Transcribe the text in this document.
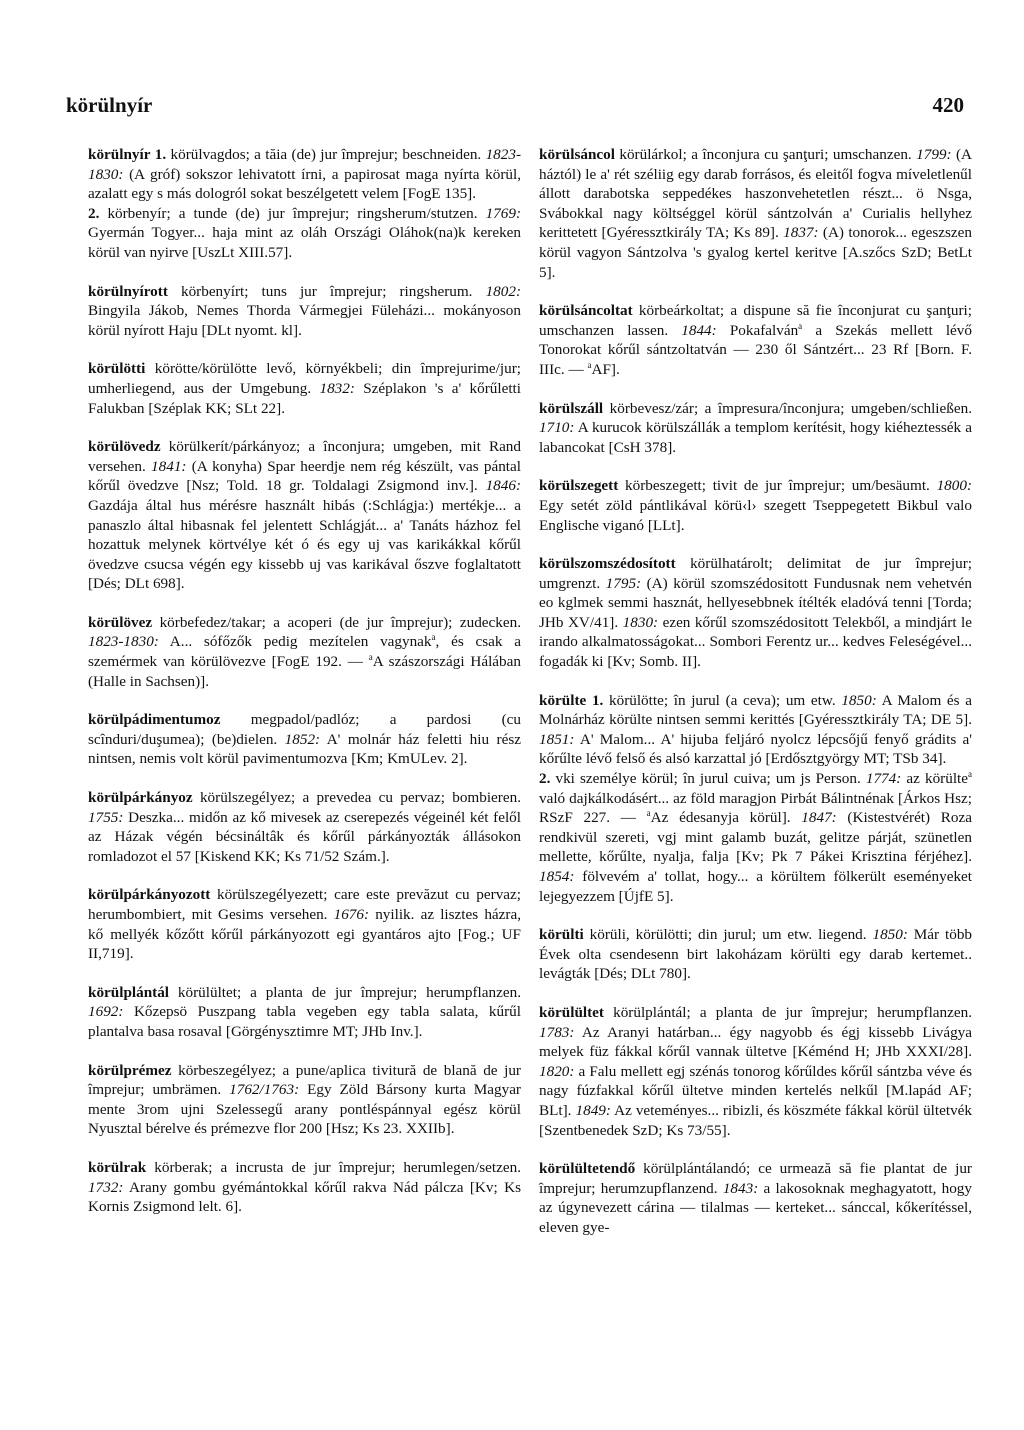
körülnyír	420

körülnyír 1. körülvagdos; a tăia (de) jur împrejur; beschneiden. 1823-1830: (A gróf) sokszor lehivatott írni, a papirosat maga nyírta körül, azalatt egy s más dologról sokat beszélgetett velem [FogE 135].

2. körbenyír; a tunde (de) jur împrejur; ringsherum/stutzen. 1769: Gyermán Togyer... haja mint az oláh Országi Oláhok(na)k kereken körül van nyirve [UszLt XIII.57].

körülnyírott körbenyírt; tuns jur împrejur; ringsherum. 1802: Bingyila Jákob, Nemes Thorda Vármegjei Füleházi... mokányoson körül nyírott Haju [DLt nyomt. kl].

körülötti körötte/körülötte levő, környékbeli; din împrejurime/jur; umherliegend, aus der Umgebung. 1832: Széplakon 's a' kőrűletti Falukban [Széplak KK; SLt 22].

körülövedz körülkerít/párkányoz; a înconjura; umgeben, mit Rand versehen. 1841: (A konyha) Spar heerdje nem rég készült, vas pántal kőrűl övedzve [Nsz; Told. 18 gr. Toldalagi Zsigmond inv.]. 1846: Gazdája által hus mérésre használt hibás (:Schlágja:) mertékje... a panaszlo által hibasnak fel jelentett Schlágját... a' Tanáts házhoz fel hozattuk melynek körtvélye két ó és egy uj vas karikákkal kőrűl övedzve csucsa végén egy kissebb uj vas karikával őszve foglaltatott [Dés; DLt 698].

körülövez körbefedez/takar; a acoperi (de jur împrejur); zudecken. 1823-1830: A... sófőzők pedig mezítelen vagynak$^a$, és csak a szemérmek van körülövezve [FogE 192. — $^a$A szászországi Hálában (Halle in Sachsen)].

körülpádimentumoz megpadol/padlóz; a pardosi (cu scînduri/duşumea); (be)dielen. 1852: A' molnár ház feletti hiu rész nintsen, nemis volt körül pavimentumozva [Km; KmULev. 2].

körülpárkányoz körülszegélyez; a prevedea cu pervaz; bombieren. 1755: Deszka... midőn az kő mivesek az cserepezés végeinél két felől az Házak végén bécsináltâk és kőrűl párkányozták állásokon romladozot el 57 [Kiskend KK; Ks 71/52 Szám.].

körülpárkányozott körülszegélyezett; care este prevăzut cu pervaz; herumbombiert, mit Gesims versehen. 1676: nyilik. az lisztes házra, kő mellyék kőzőtt kőrűl párkányozott egi gyantáros ajto [Fog.; UF II,719].

körülplántál körülültet; a planta de jur împrejur; herumpflanzen. 1692: Kőzepsö Puszpang tabla vegeben egy tabla salata, kűrűl plantalva basa rosaval [Görgénysztimre MT; JHb Inv.].

körülprémez körbeszegélyez; a pune/aplica tivitură de blană de jur împrejur; umbrämen. 1762/1763: Egy Zöld Bársony kurta Magyar mente 3rom ujni Szelessegű arany pontléspánnyal egész körül Nyusztal bérelve és prémezve flor 200 [Hsz; Ks 23. XXIIb].

körülrak körberak; a incrusta de jur împrejur; herumlegen/setzen. 1732: Arany gombu gyémántokkal kőrűl rakva Nád pálcza [Kv; Ks Kornis Zsigmond lelt. 6].

körülsáncol körülárkol; a înconjura cu şanţuri; umschanzen. 1799: (A háztól) le a' rét széliig egy darab forrásos, és eleitől fogva míveletlenűl állott darabotska seppedékes haszonvehetetlen részt... ö Nsga, Svábokkal nagy költséggel körül sántzolván a' Curialis hellyhez kerittetett [Gyéressztkirály TA; Ks 89]. 1837: (A) tonorok... egeszszen körül vagyon Sántzolva 's gyalog kertel keritve [A.szőcs SzD; BetLt 5].

körülsáncoltat körbeárkoltat; a dispune să fie înconjurat cu şanţuri; umschanzen lassen. 1844: Pokafalván$^a$ a Szekás mellett lévő Tonorokat kőrűl sántzoltatván — 230 ől Sántzért... 23 Rf [Born. F. IIIc. — $^a$AF].

körülszáll körbevesz/zár; a împresura/înconjura; umgeben/schließen. 1710: A kurucok körülszállák a templom kerítésit, hogy kiéheztessék a labancokat [CsH 378].

körülszegett körbeszegett; tivit de jur împrejur; um/besäumt. 1800: Egy setét zöld pántlikával körü‹l› szegett Tseppegetett Bikbul valo Englische viganó [LLt].

körülszomszédosított körülhatárolt; delimitat de jur împrejur; umgrenzt. 1795: (A) körül szomszédositott Fundusnak nem vehetvén eo kglmek semmi hasznát, hellyesebbnek ítélték eladóvá tenni [Torda; JHb XV/41]. 1830: ezen kőrűl szomszédositott Telekből, a mindjárt le irando alkalmatosságokat... Sombori Ferentz ur... kedves Feleségével... fogadák ki [Kv; Somb. II].

körülte 1. körülötte; în jurul (a ceva); um etw. 1850: A Malom és a Molnárház körülte nintsen semmi kerittés [Gyéressztkirály TA; DE 5]. 1851: A' Malom... A' hijuba feljáró nyolcz lépcsőjű fenyő grádits a' kőrűlte lévő felső és alsó karzattal jó [Erdősztgyörgy MT; TSb 34].

2. vki személye körül; în jurul cuiva; um js Person. 1774: az körülte$^a$ való dajkálkodásért... az föld maragjon Pirbát Bálintnénak [Árkos Hsz; RSzF 227. — $^a$Az édesanyja körül]. 1847: (Kistestvérét) Roza rendkivül szereti, vgj mint galamb buzát, gelitze párját, szünetlen mellette, kőrűlte, nyalja, falja [Kv; Pk 7 Pákei Krisztina férjéhez]. 1854: fölvevém a' tollat, hogy... a körültem fölkerült eseményeket lejegyezzem [ÚjfE 5].

körülti körüli, körülötti; din jurul; um etw. liegend. 1850: Már több Évek olta csendesenn birt lakoházam körülti egy darab kertemet.. levágták [Dés; DLt 780].

körülültet körülplántál; a planta de jur împrejur; herumpflanzen. 1783: Az Aranyi határban... égy nagyobb és égj kissebb Livágya melyek füz fákkal kőrűl vannak ültetve [Kéménd H; JHb XXXI/28]. 1820: a Falu mellett egj szénás tonorog kőrűldes kőrűl sántzba véve és nagy fúzfakkal kőrűl ültetve minden kertelés nelkűl [M.lapád AF; BLt]. 1849: Az veteményes... ribizli, és köszméte fákkal körül ültetvék [Szentbenedek SzD; Ks 73/55].

körülültetendő körülplántálandó; ce urmează să fie plantat de jur împrejur; herumzupflanzend. 1843: a lakosoknak meghagyatott, hogy az úgynevezett cárina — tilalmas — kerteket... sánccal, kőkerítéssel, eleven gye-
